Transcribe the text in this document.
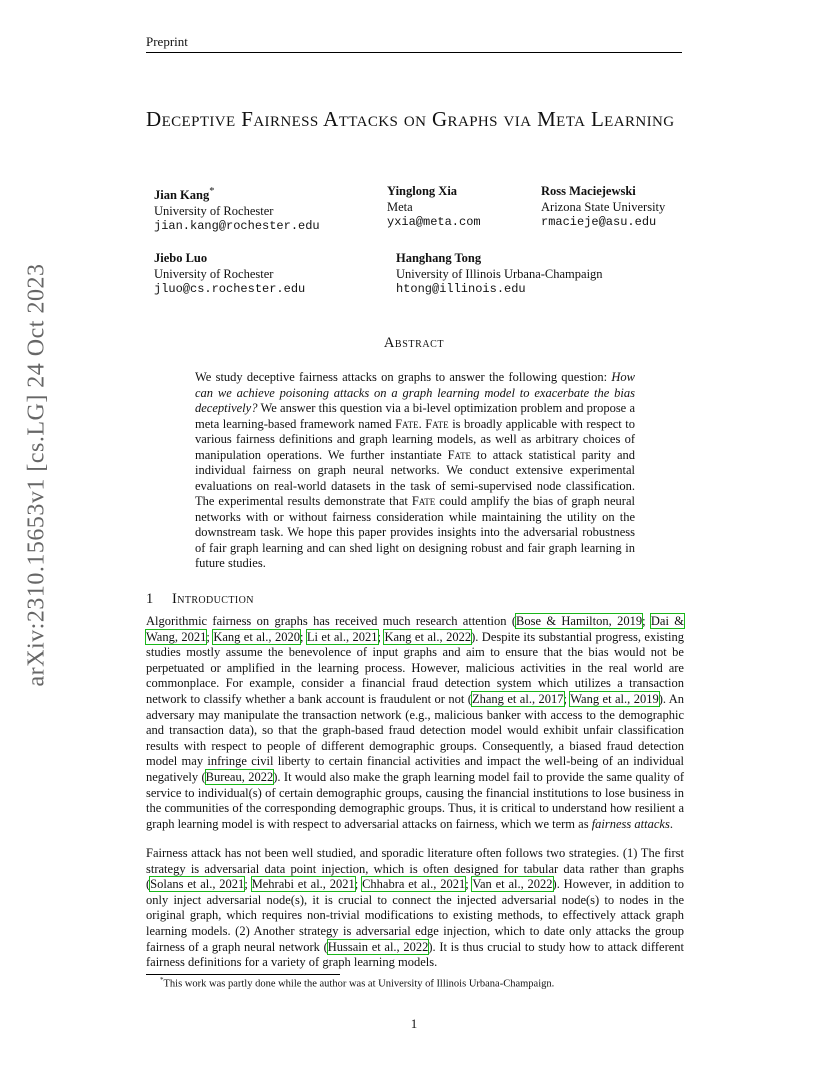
Preprint
arXiv:2310.15653v1 [cs.LG] 24 Oct 2023
Deceptive Fairness Attacks on Graphs via Meta Learning
Jian Kang*
University of Rochester
jian.kang@rochester.edu
Yinglong Xia
Meta
yxia@meta.com
Ross Maciejewski
Arizona State University
rmacieje@asu.edu
Jiebo Luo
University of Rochester
jluo@cs.rochester.edu
Hanghang Tong
University of Illinois Urbana-Champaign
htong@illinois.edu
Abstract
We study deceptive fairness attacks on graphs to answer the following question: How can we achieve poisoning attacks on a graph learning model to exacerbate the bias deceptively? We answer this question via a bi-level optimization problem and propose a meta learning-based framework named Fate. Fate is broadly applicable with respect to various fairness definitions and graph learning models, as well as arbitrary choices of manipulation operations. We further instantiate Fate to attack statistical parity and individual fairness on graph neural networks. We conduct extensive experimental evaluations on real-world datasets in the task of semi-supervised node classification. The experimental results demonstrate that Fate could amplify the bias of graph neural networks with or without fairness consideration while maintaining the utility on the downstream task. We hope this paper provides insights into the adversarial robustness of fair graph learning and can shed light on designing robust and fair graph learning in future studies.
1 Introduction
Algorithmic fairness on graphs has received much research attention (Bose & Hamilton, 2019; Dai & Wang, 2021; Kang et al., 2020; Li et al., 2021; Kang et al., 2022). Despite its substantial progress, existing studies mostly assume the benevolence of input graphs and aim to ensure that the bias would not be perpetuated or amplified in the learning process. However, malicious activities in the real world are commonplace. For example, consider a financial fraud detection system which utilizes a transaction network to classify whether a bank account is fraudulent or not (Zhang et al., 2017; Wang et al., 2019). An adversary may manipulate the transaction network (e.g., malicious banker with access to the demographic and transaction data), so that the graph-based fraud detection model would exhibit unfair classification results with respect to people of different demographic groups. Consequently, a biased fraud detection model may infringe civil liberty to certain financial activities and impact the well-being of an individual negatively (Bureau, 2022). It would also make the graph learning model fail to provide the same quality of service to individual(s) of certain demographic groups, causing the financial institutions to lose business in the communities of the corresponding demographic groups. Thus, it is critical to understand how resilient a graph learning model is with respect to adversarial attacks on fairness, which we term as fairness attacks.
Fairness attack has not been well studied, and sporadic literature often follows two strategies. (1) The first strategy is adversarial data point injection, which is often designed for tabular data rather than graphs (Solans et al., 2021; Mehrabi et al., 2021; Chhabra et al., 2021; Van et al., 2022). However, in addition to only inject adversarial node(s), it is crucial to connect the injected adversarial node(s) to nodes in the original graph, which requires non-trivial modifications to existing methods, to effectively attack graph learning models. (2) Another strategy is adversarial edge injection, which to date only attacks the group fairness of a graph neural network (Hussain et al., 2022). It is thus crucial to study how to attack different fairness definitions for a variety of graph learning models.
*This work was partly done while the author was at University of Illinois Urbana-Champaign.
1
